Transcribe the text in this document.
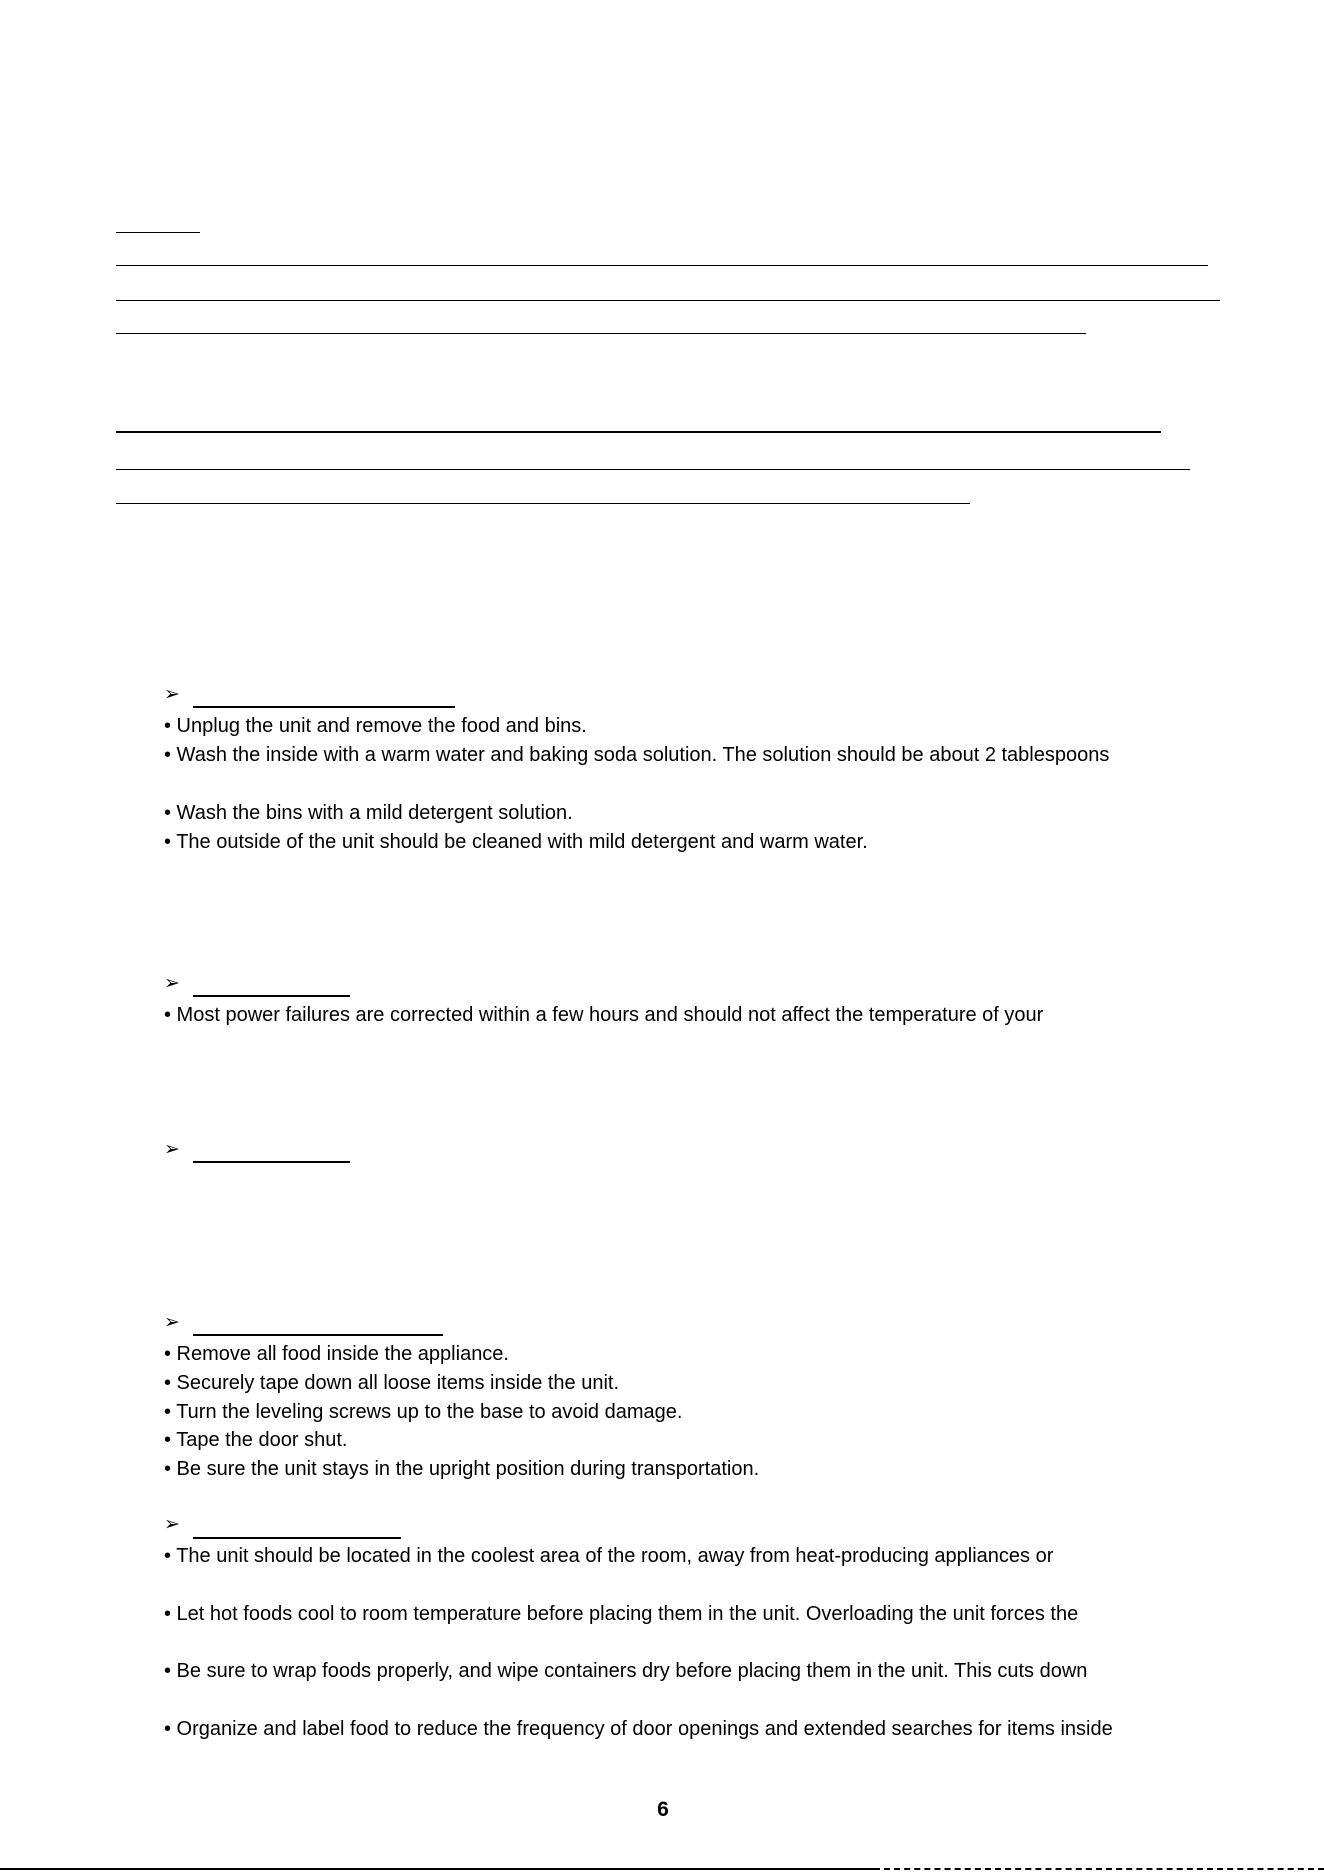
➢
• Unplug the unit and remove the food and bins.
• Wash the inside with a warm water and baking soda solution. The solution should be about 2 tablespoons
• Wash the bins with a mild detergent solution.
• The outside of the unit should be cleaned with mild detergent and warm water.
➢
• Most power failures are corrected within a few hours and should not affect the temperature of your
➢
➢
• Remove all food inside the appliance.
• Securely tape down all loose items inside the unit.
• Turn the leveling screws up to the base to avoid damage.
• Tape the door shut.
• Be sure the unit stays in the upright position during transportation.
➢
• The unit should be located in the coolest area of the room, away from heat-producing appliances or
• Let hot foods cool to room temperature before placing them in the unit. Overloading the unit forces the
• Be sure to wrap foods properly, and wipe containers dry before placing them in the unit. This cuts down
• Organize and label food to reduce the frequency of door openings and extended searches for items inside
6
